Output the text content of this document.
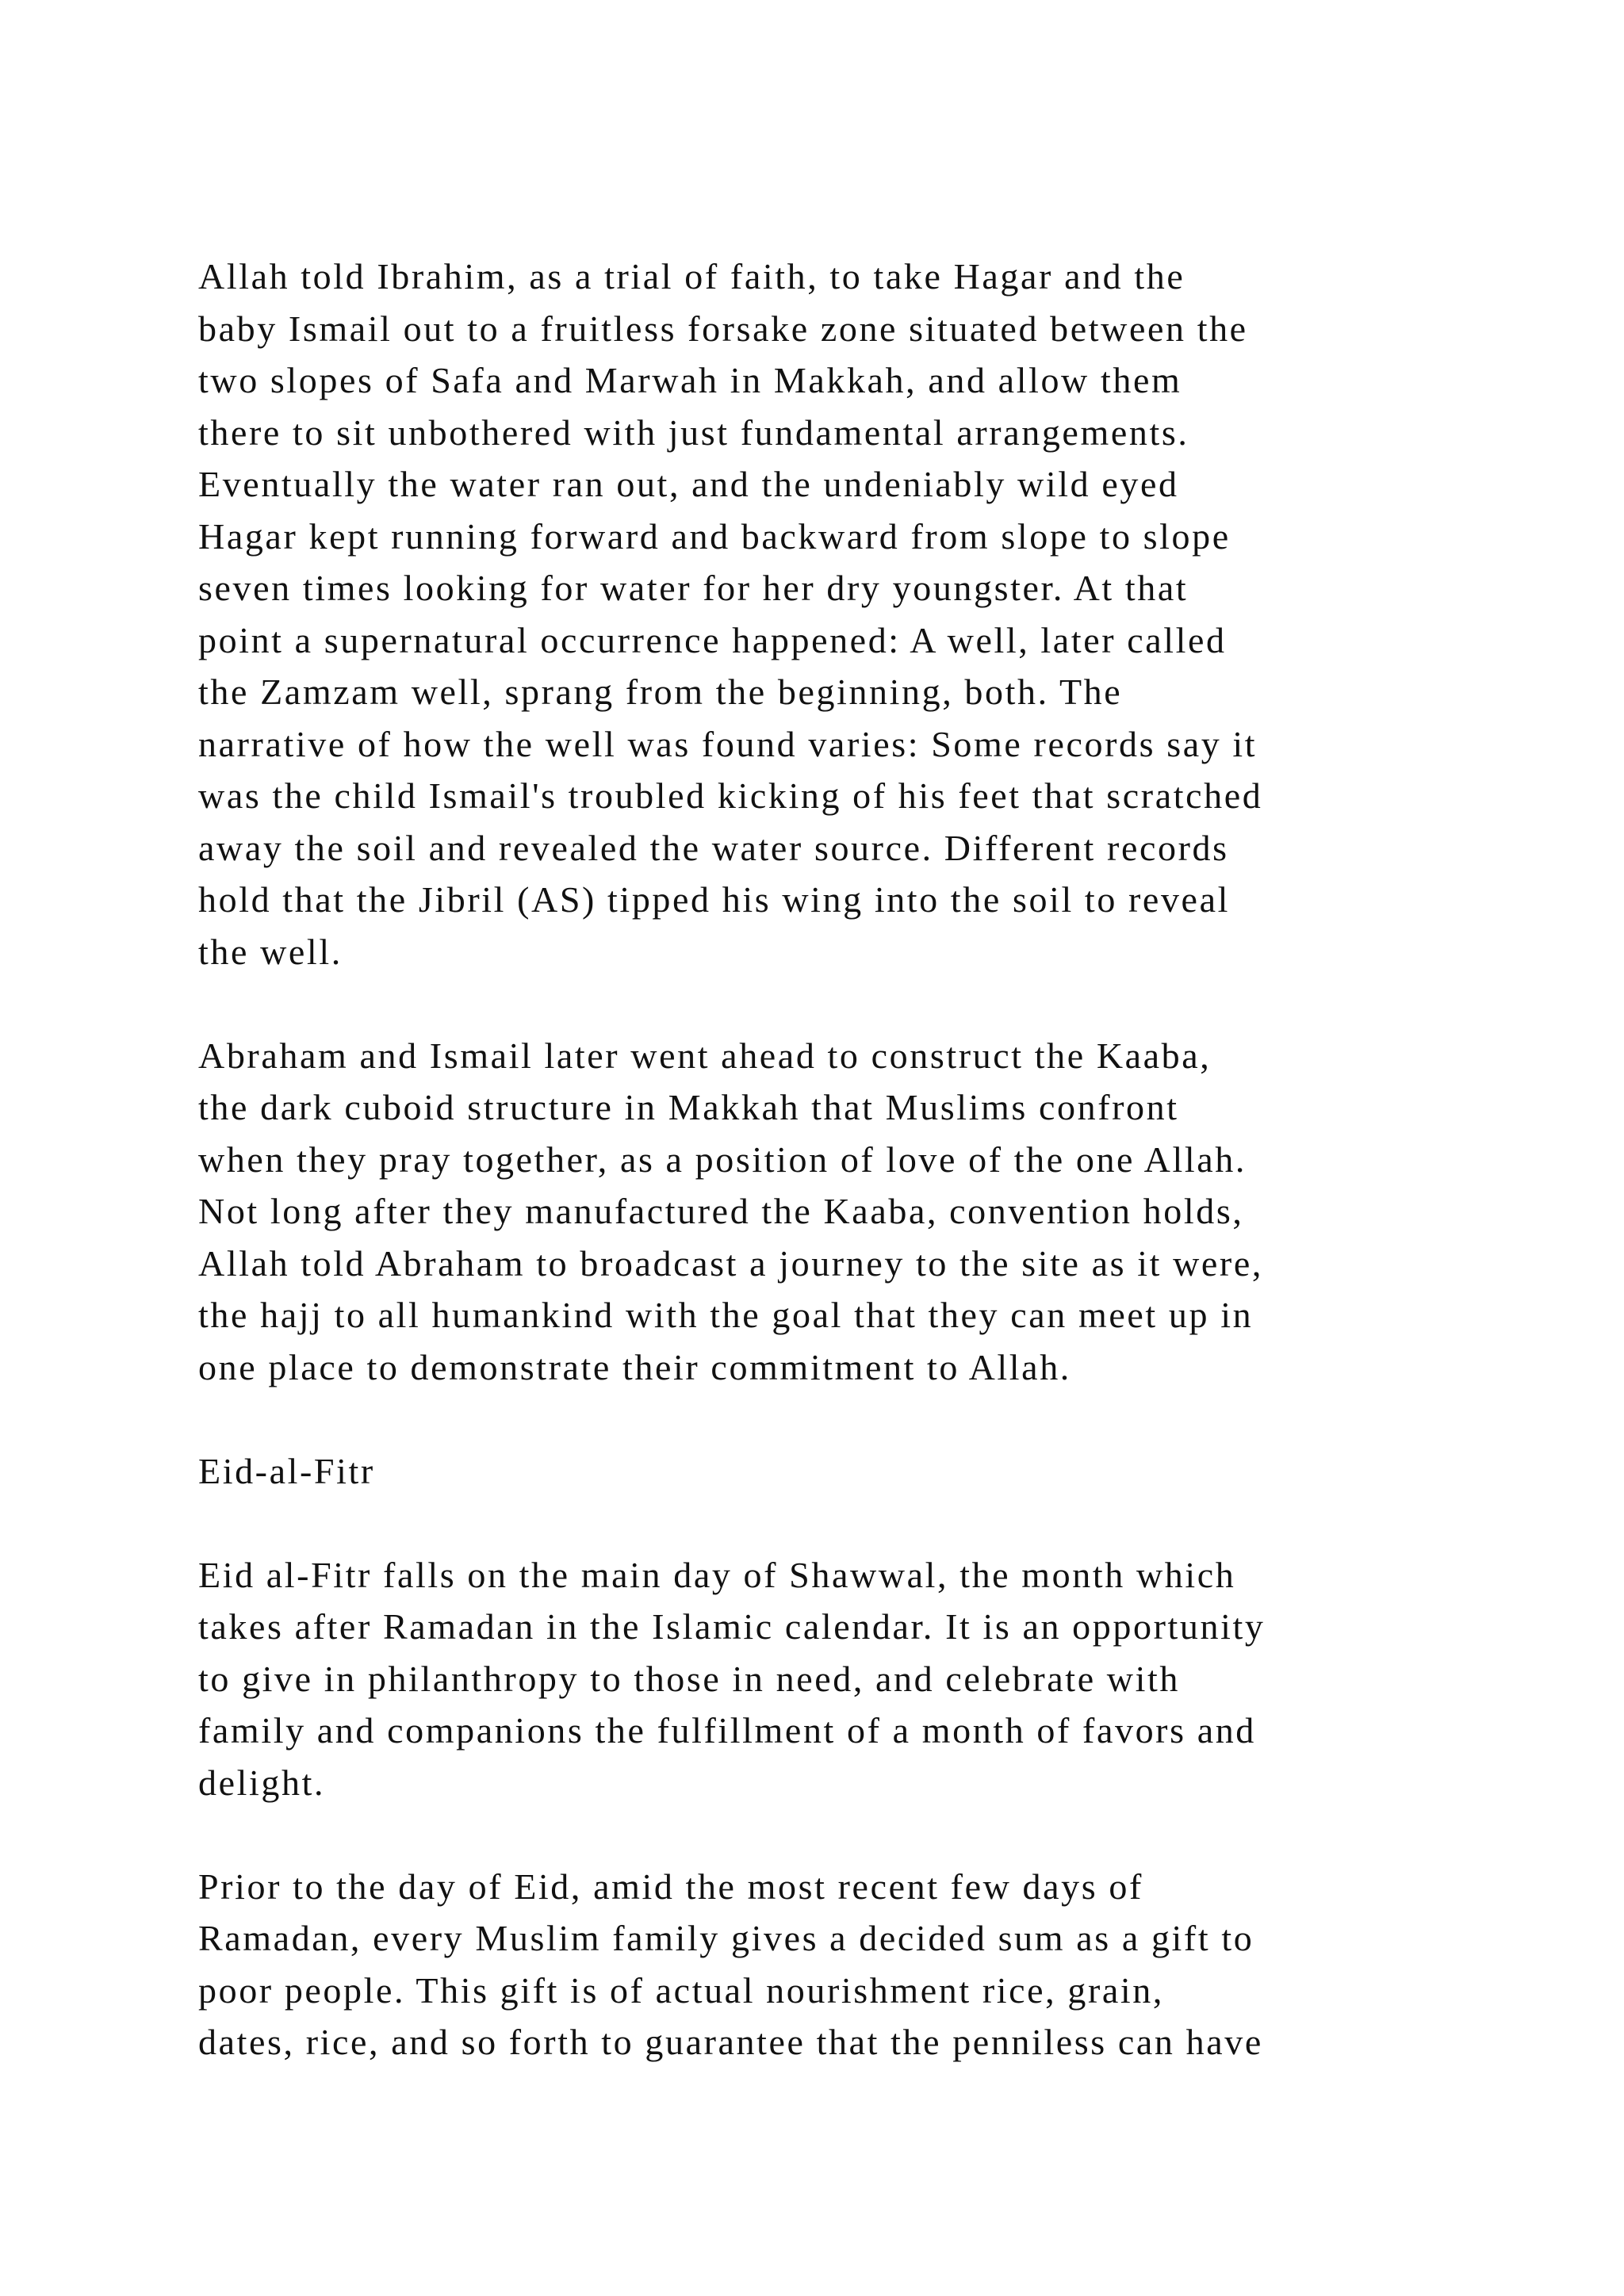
Allah told Ibrahim, as a trial of faith, to take Hagar and the
baby Ismail out to a fruitless forsake zone situated between the
two slopes of Safa and Marwah in Makkah, and allow them
there to sit unbothered with just fundamental arrangements.
Eventually the water ran out, and the undeniably wild eyed
Hagar kept running forward and backward from slope to slope
seven times looking for water for her dry youngster. At that
point a supernatural occurrence happened: A well, later called
the Zamzam well, sprang from the beginning, both. The
narrative of how the well was found varies: Some records say it
was the child Ismail's troubled kicking of his feet that scratched
away the soil and revealed the water source. Different records
hold that the Jibril (AS) tipped his wing into the soil to reveal
the well.
Abraham and Ismail later went ahead to construct the Kaaba,
the dark cuboid structure in Makkah that Muslims confront
when they pray together, as a position of love of the one Allah.
Not long after they manufactured the Kaaba, convention holds,
Allah told Abraham to broadcast a journey to the site as it were,
the hajj to all humankind with the goal that they can meet up in
one place to demonstrate their commitment to Allah.
Eid-al-Fitr
Eid al-Fitr falls on the main day of Shawwal, the month which
takes after Ramadan in the Islamic calendar. It is an opportunity
to give in philanthropy to those in need, and celebrate with
family and companions the fulfillment of a month of favors and
delight.
Prior to the day of Eid, amid the most recent few days of
Ramadan, every Muslim family gives a decided sum as a gift to
poor people. This gift is of actual nourishment rice, grain,
dates, rice, and so forth to guarantee that the penniless can have
